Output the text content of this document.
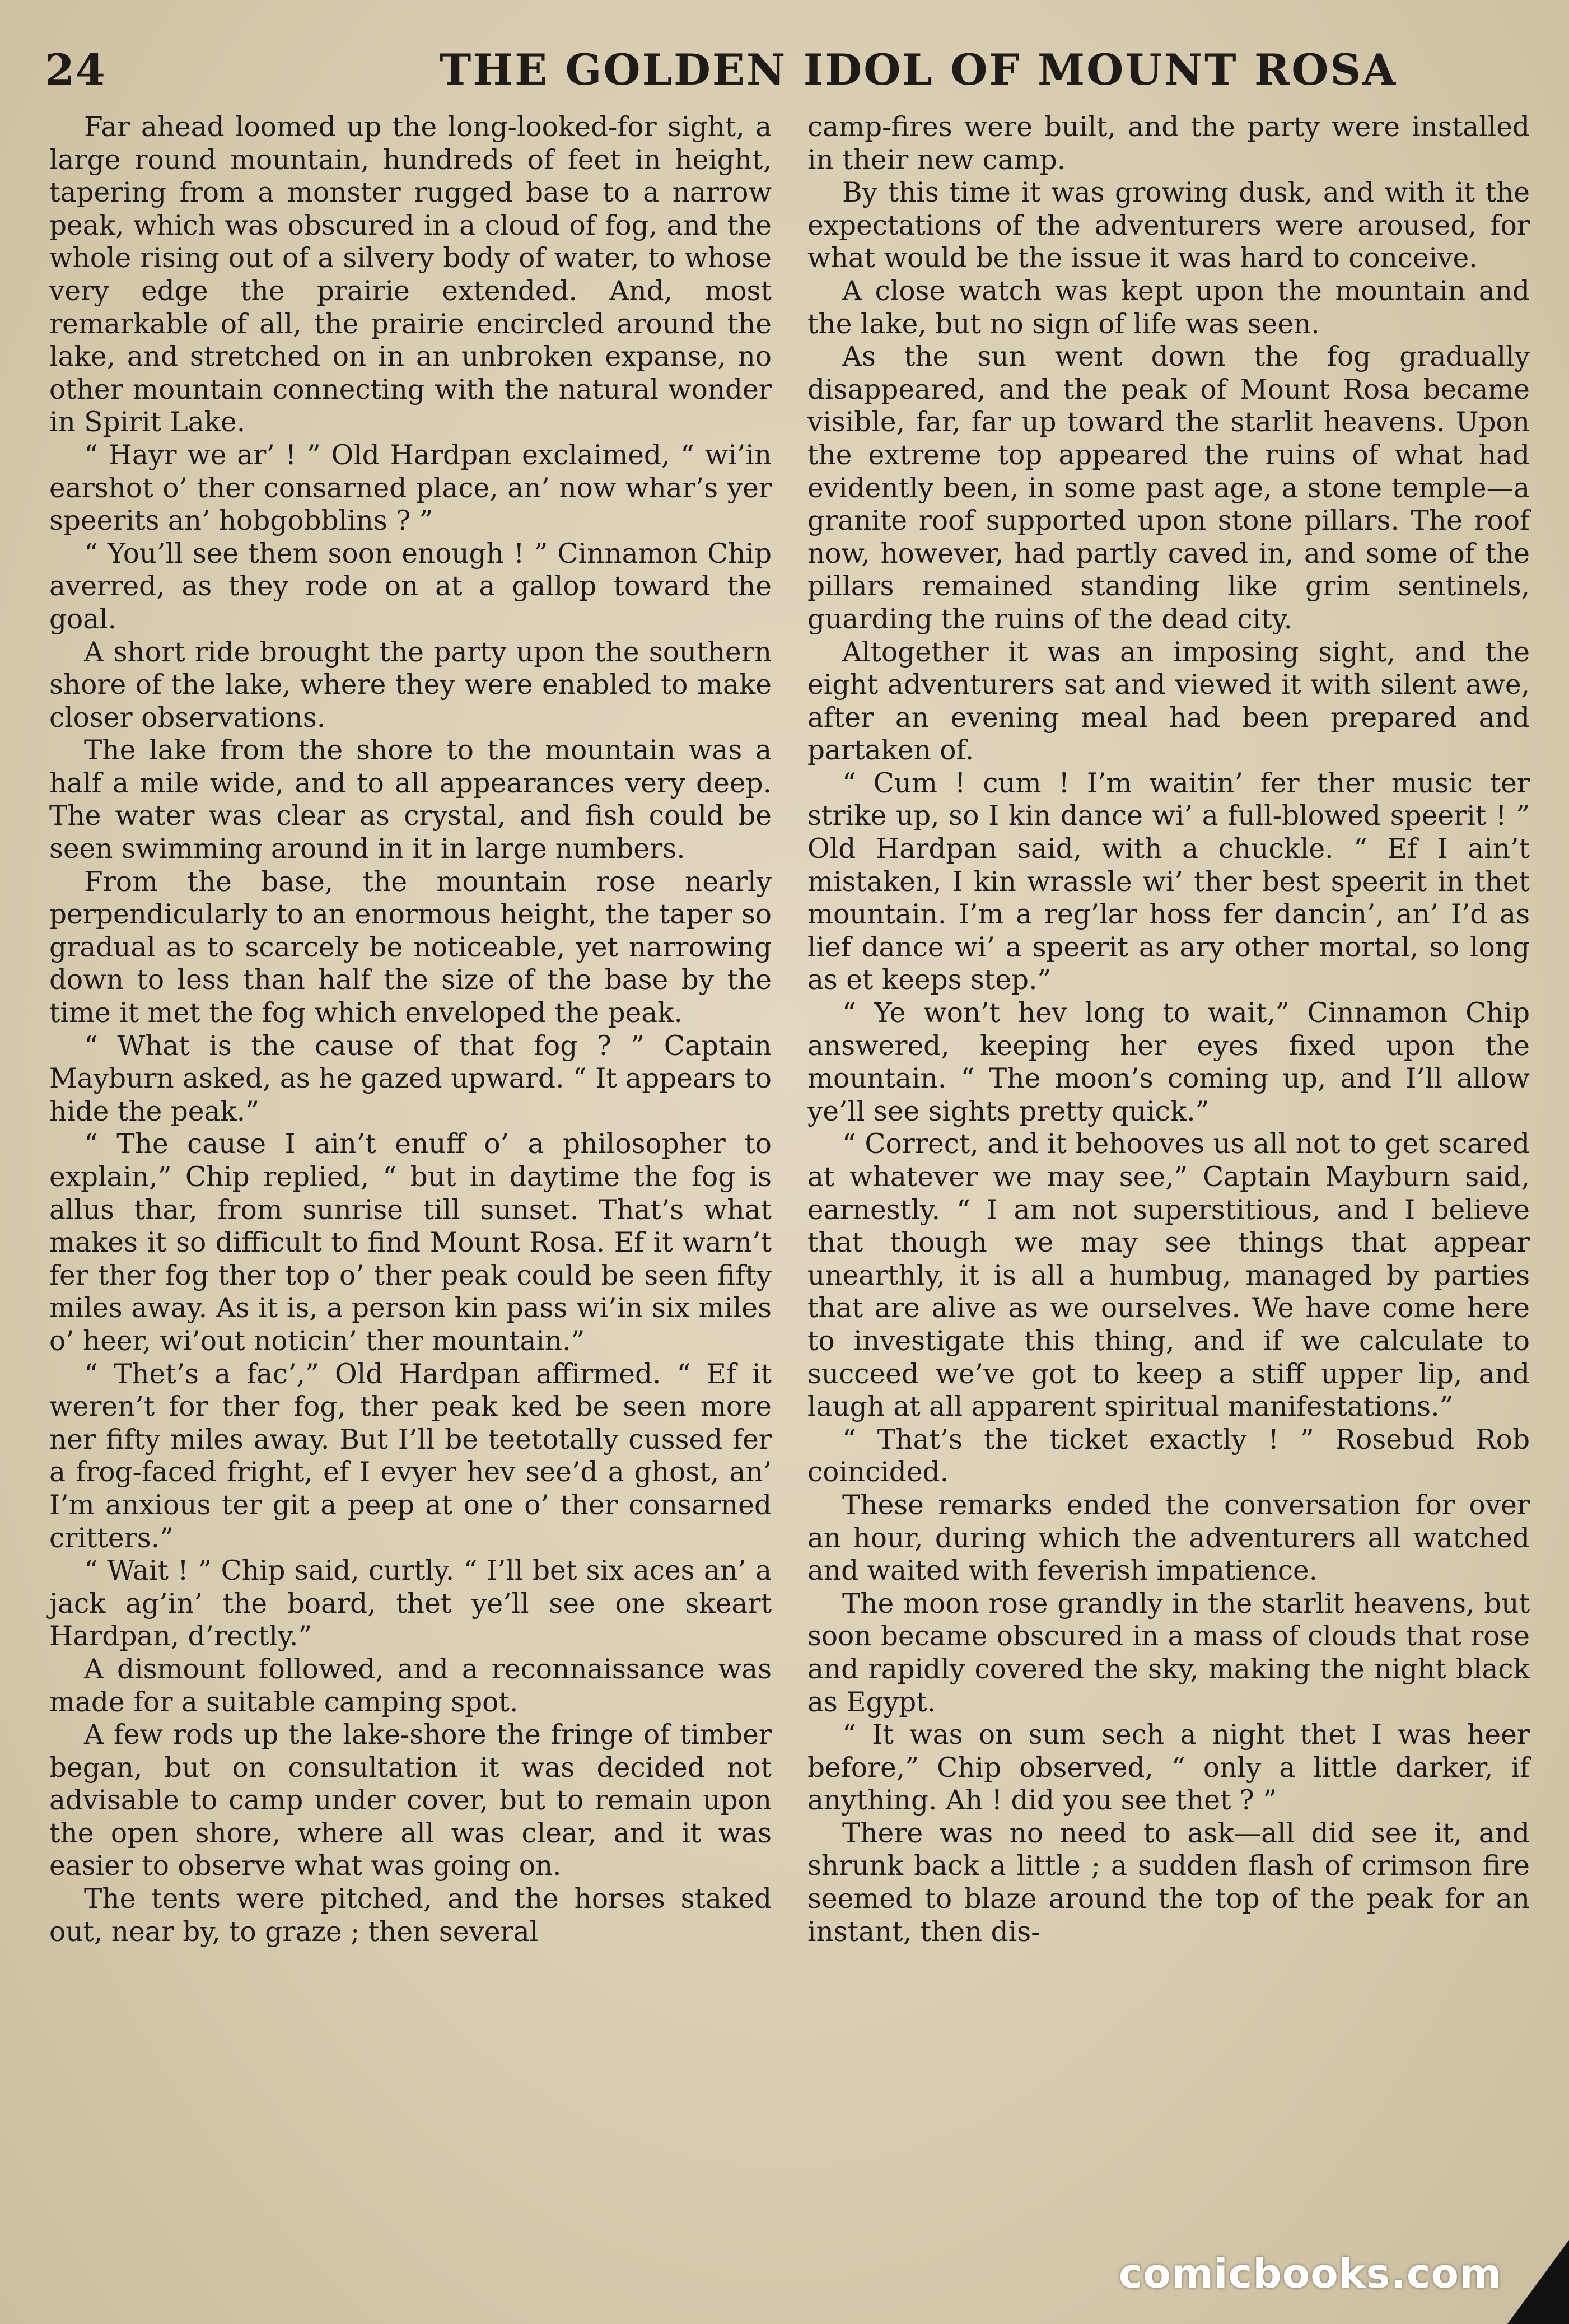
24	THE GOLDEN IDOL OF MOUNT ROSA

Far ahead loomed up the long-looked-for sight, a large round mountain, hundreds of feet in height, tapering from a monster rugged base to a narrow peak, which was obscured in a cloud of fog, and the whole rising out of a silvery body of water, to whose very edge the prairie extended. And, most remarkable of all, the prairie encircled around the lake, and stretched on in an unbroken expanse, no other mountain connecting with the natural wonder in Spirit Lake.

“ Hayr we ar’ ! ” Old Hardpan exclaimed, “ wi’in earshot o’ ther consarned place, an’ now whar’s yer speerits an’ hobgobblins ? ”

“ You’ll see them soon enough ! ” Cinnamon Chip averred, as they rode on at a gallop toward the goal.

A short ride brought the party upon the southern shore of the lake, where they were enabled to make closer observations.

The lake from the shore to the mountain was a half a mile wide, and to all appearances very deep. The water was clear as crystal, and fish could be seen swimming around in it in large numbers.

From the base, the mountain rose nearly perpendicularly to an enormous height, the taper so gradual as to scarcely be noticeable, yet narrowing down to less than half the size of the base by the time it met the fog which enveloped the peak.

“ What is the cause of that fog ? ” Captain Mayburn asked, as he gazed upward. “ It appears to hide the peak.”

“ The cause I ain’t enuff o’ a philosopher to explain,” Chip replied, “ but in daytime the fog is allus thar, from sunrise till sunset. That’s what makes it so difficult to find Mount Rosa. Ef it warn’t fer ther fog ther top o’ ther peak could be seen fifty miles away. As it is, a person kin pass wi’in six miles o’ heer, wi’out noticin’ ther mountain.”

“ Thet’s a fac’,” Old Hardpan affirmed. “ Ef it weren’t for ther fog, ther peak ked be seen more ner fifty miles away. But I’ll be teetotally cussed fer a frog-faced fright, ef I evyer hev see’d a ghost, an’ I’m anxious ter git a peep at one o’ ther consarned critters.”

“ Wait ! ” Chip said, curtly. “ I’ll bet six aces an’ a jack ag’in’ the board, thet ye’ll see one skeart Hardpan, d’rectly.”

A dismount followed, and a reconnaissance was made for a suitable camping spot.

A few rods up the lake-shore the fringe of timber began, but on consultation it was decided not advisable to camp under cover, but to remain upon the open shore, where all was clear, and it was easier to observe what was going on.

The tents were pitched, and the horses staked out, near by, to graze ; then several

camp-fires were built, and the party were installed in their new camp.

By this time it was growing dusk, and with it the expectations of the adventurers were aroused, for what would be the issue it was hard to conceive.

A close watch was kept upon the mountain and the lake, but no sign of life was seen.

As the sun went down the fog gradually disappeared, and the peak of Mount Rosa became visible, far, far up toward the starlit heavens. Upon the extreme top appeared the ruins of what had evidently been, in some past age, a stone temple—a granite roof supported upon stone pillars. The roof now, however, had partly caved in, and some of the pillars remained standing like grim sentinels, guarding the ruins of the dead city.

Altogether it was an imposing sight, and the eight adventurers sat and viewed it with silent awe, after an evening meal had been prepared and partaken of.

“ Cum ! cum ! I’m waitin’ fer ther music ter strike up, so I kin dance wi’ a full-blowed speerit ! ” Old Hardpan said, with a chuckle. “ Ef I ain’t mistaken, I kin wrassle wi’ ther best speerit in thet mountain. I’m a reg’lar hoss fer dancin’, an’ I’d as lief dance wi’ a speerit as ary other mortal, so long as et keeps step.”

“ Ye won’t hev long to wait,” Cinnamon Chip answered, keeping her eyes fixed upon the mountain. “ The moon’s coming up, and I’ll allow ye’ll see sights pretty quick.”

“ Correct, and it behooves us all not to get scared at whatever we may see,” Captain Mayburn said, earnestly. “ I am not superstitious, and I believe that though we may see things that appear unearthly, it is all a humbug, managed by parties that are alive as we ourselves. We have come here to investigate this thing, and if we calculate to succeed we’ve got to keep a stiff upper lip, and laugh at all apparent spiritual manifestations.”

“ That’s the ticket exactly ! ” Rosebud Rob coincided.

These remarks ended the conversation for over an hour, during which the adventurers all watched and waited with feverish impatience.

The moon rose grandly in the starlit heavens, but soon became obscured in a mass of clouds that rose and rapidly covered the sky, making the night black as Egypt.

“ It was on sum sech a night thet I was heer before,” Chip observed, “ only a little darker, if anything. Ah ! did you see thet ? ”

There was no need to ask—all did see it, and shrunk back a little ; a sudden flash of crimson fire seemed to blaze around the top of the peak for an instant, then dis-

comicbooks.com
